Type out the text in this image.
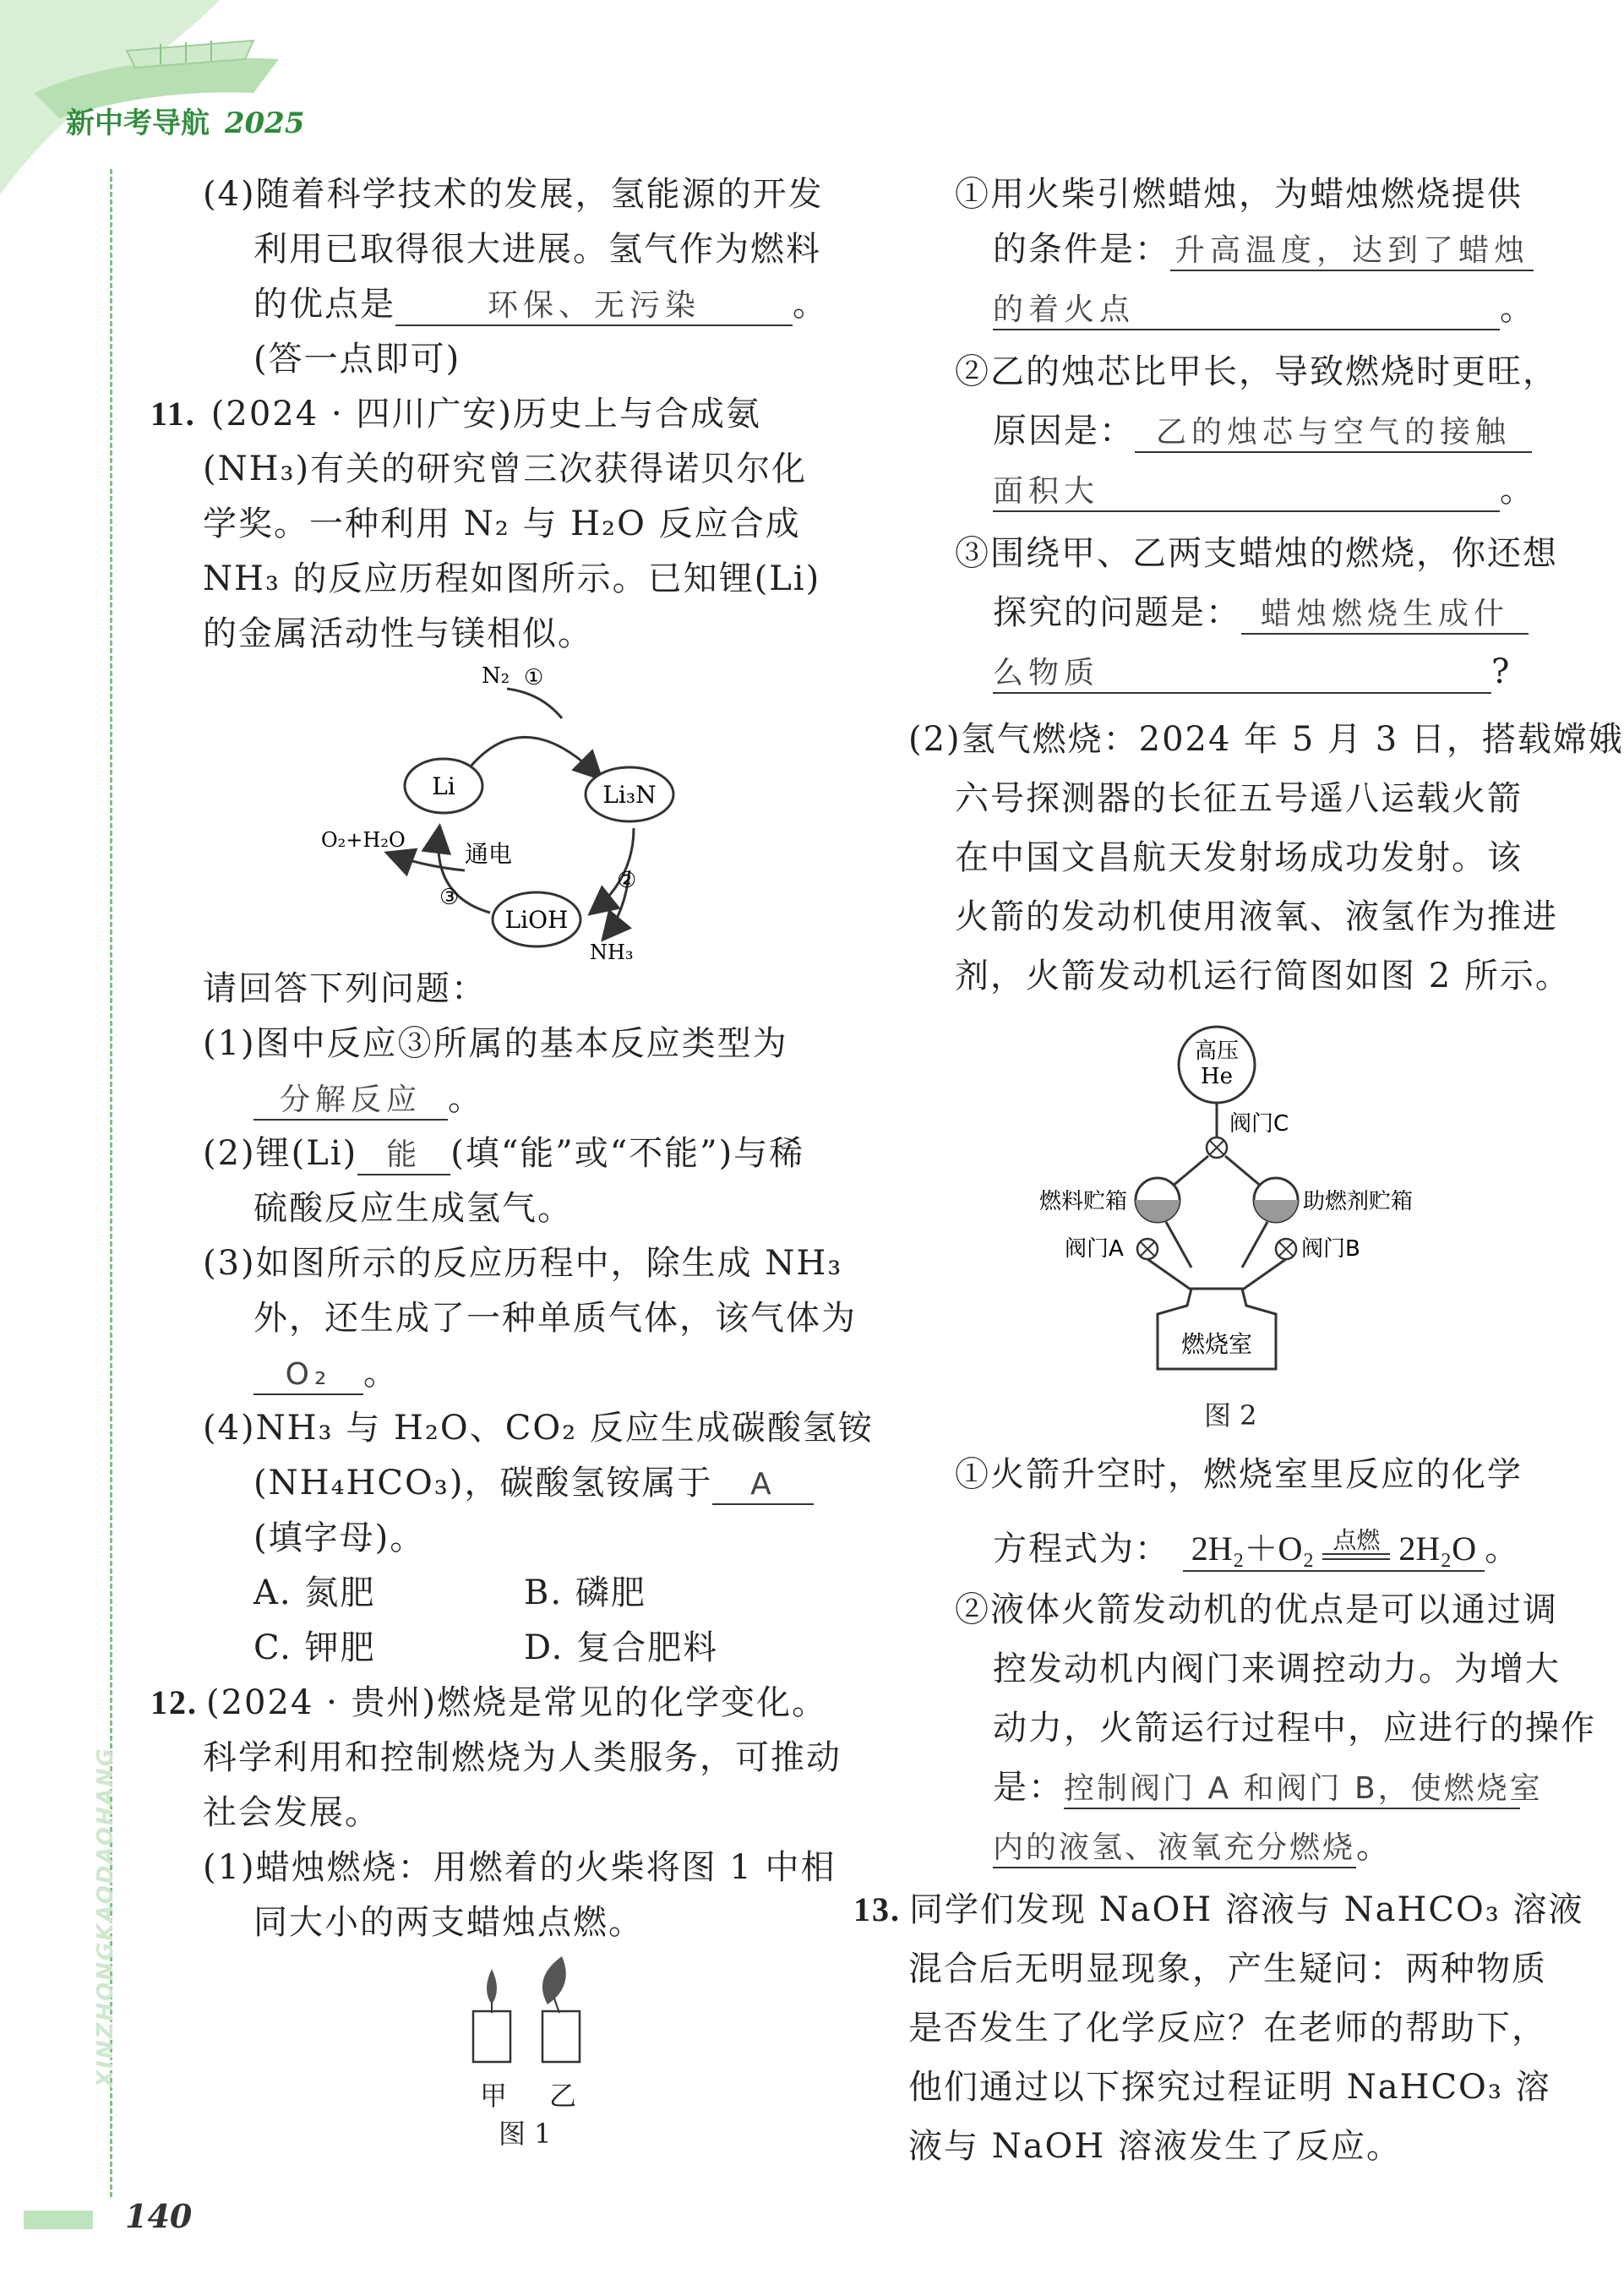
新中考导航 2025
XINZHONGKAODAOHANG
140
(4)随着科学技术的发展，氢能源的开发
利用已取得很大进展。氢气作为燃料
的优点是	环保、无污染	。
(答一点即可)
11. (2024 · 四川广安)历史上与合成氨
(NH₃)有关的研究曾三次获得诺贝尔化
学奖。一种利用 N₂ 与 H₂O 反应合成
NH₃ 的反应历程如图所示。已知锂(Li)
的金属活动性与镁相似。
Li	Li₃N
LiOH
N₂ ①
O₂+H₂O	通电
③
②
NH₃
请回答下列问题：
(1)图中反应③所属的基本反应类型为
分解反应 。
(2)锂(Li) 能 (填“能”或“不能”)与稀
硫酸反应生成氢气。
(3)如图所示的反应历程中，除生成 NH₃
外，还生成了一种单质气体，该气体为
O₂ 。
(4)NH₃ 与 H₂O、CO₂ 反应生成碳酸氢铵
(NH₄HCO₃)，碳酸氢铵属于 A
(填字母)。
A. 氮肥	B. 磷肥
C. 钾肥	D. 复合肥料
12. (2024 · 贵州)燃烧是常见的化学变化。
科学利用和控制燃烧为人类服务，可推动
社会发展。
(1)蜡烛燃烧：用燃着的火柴将图 1 中相
同大小的两支蜡烛点燃。
甲 乙
图 1
①用火柴引燃蜡烛，为蜡烛燃烧提供
的条件是： 升高温度，达到了蜡烛
的着火点	。
②乙的烛芯比甲长，导致燃烧时更旺，
原因是： 乙的烛芯与空气的接触
面积大	。
③围绕甲、乙两支蜡烛的燃烧，你还想
探究的问题是： 蜡烛燃烧生成什
么物质	?
(2)氢气燃烧：2024 年 5 月 3 日，搭载嫦娥
六号探测器的长征五号遥八运载火箭
在中国文昌航天发射场成功发射。该
火箭的发动机使用液氧、液氢作为推进
剂，火箭发动机运行简图如图 2 所示。
高压
He
燃烧室
阀门C
燃料贮箱	助燃剂贮箱
阀门A	阀门B
图 2
①火箭升空时，燃烧室里反应的化学
方程式为： 2H₂＋O₂ 点燃 2H₂O 。
②液体火箭发动机的优点是可以通过调
控发动机内阀门来调控动力。为增大
动力，火箭运行过程中，应进行的操作
是：控制阀门 A 和阀门 B，使燃烧室
内的液氢、液氧充分燃烧。
13. 同学们发现 NaOH 溶液与 NaHCO₃ 溶液
混合后无明显现象，产生疑问：两种物质
是否发生了化学反应？在老师的帮助下，
他们通过以下探究过程证明 NaHCO₃ 溶
液与 NaOH 溶液发生了反应。
